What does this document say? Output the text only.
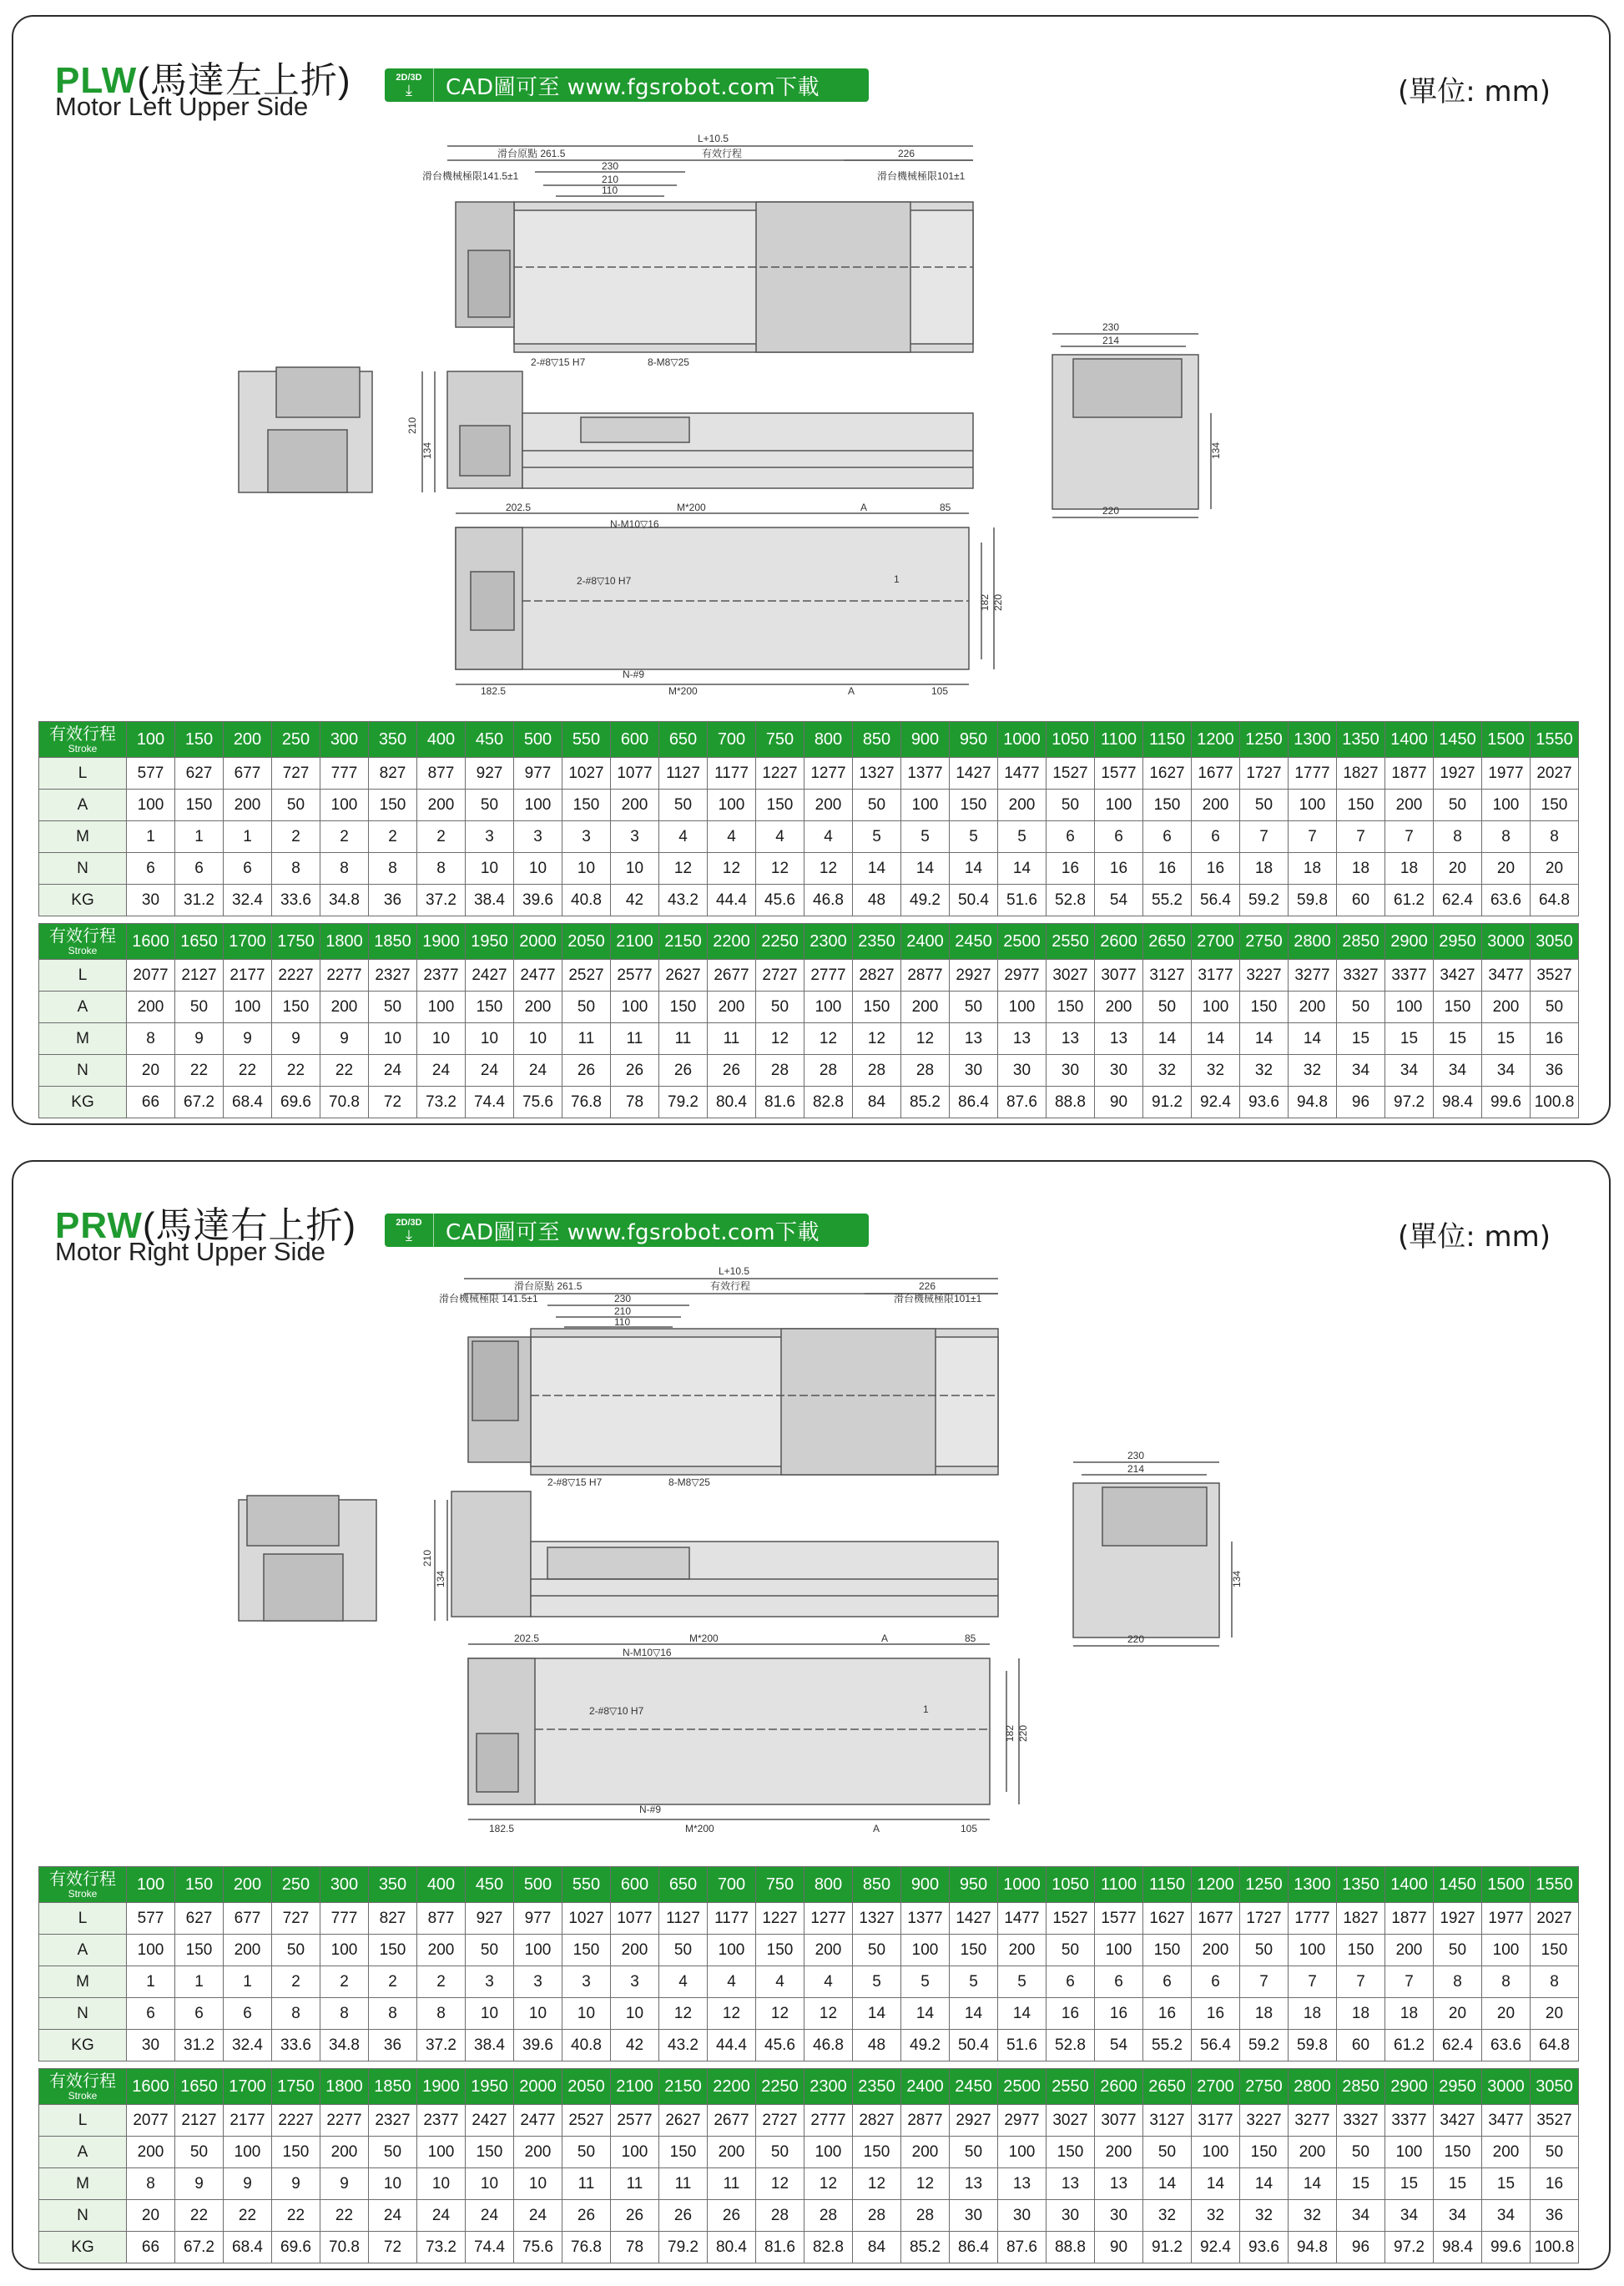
PLW(馬達左上折)
Motor Left Upper Side
2D/3D
⤓	CAD圖可至 www.fgsrobot.com下載	(單位: mm)
L+10.5
滑台原點 261.5	有效行程
滑台機械極限141.5±1	滑台機械極限101±1
230
210
110
226
2-#8▽15 H7	8-M8▽25
210
134
230
214
134
220
202.5	M*200	A	85
N-M10▽16
2-#8▽10 H7	1
182 220
N-#9
182.5	M*200	A	105
有效行程
Stroke	100	150	200	250	300	350	400	450	500	550	600	650	700	750	800	850	900	950	1000	1050	1100	1150	1200	1250	1300	1350	1400	1450	1500	1550
L	577	627	677	727	777	827	877	927	977	1027	1077	1127	1177	1227	1277	1327	1377	1427	1477	1527	1577	1627	1677	1727	1777	1827	1877	1927	1977	2027
A	100	150	200	50	100	150	200	50	100	150	200	50	100	150	200	50	100	150	200	50	100	150	200	50	100	150	200	50	100	150
M	1	1	1	2	2	2	2	3	3	3	3	4	4	4	4	5	5	5	5	6	6	6	6	7	7	7	7	8	8	8
N	6	6	6	8	8	8	8	10	10	10	10	12	12	12	12	14	14	14	14	16	16	16	16	18	18	18	18	20	20	20
KG	30	31.2	32.4	33.6	34.8	36	37.2	38.4	39.6	40.8	42	43.2	44.4	45.6	46.8	48	49.2	50.4	51.6	52.8	54	55.2	56.4	59.2	59.8	60	61.2	62.4	63.6	64.8
有效行程
Stroke	1600	1650	1700	1750	1800	1850	1900	1950	2000	2050	2100	2150	2200	2250	2300	2350	2400	2450	2500	2550	2600	2650	2700	2750	2800	2850	2900	2950	3000	3050
L	2077	2127	2177	2227	2277	2327	2377	2427	2477	2527	2577	2627	2677	2727	2777	2827	2877	2927	2977	3027	3077	3127	3177	3227	3277	3327	3377	3427	3477	3527
A	200	50	100	150	200	50	100	150	200	50	100	150	200	50	100	150	200	50	100	150	200	50	100	150	200	50	100	150	200	50
M	8	9	9	9	9	10	10	10	10	11	11	11	11	12	12	12	12	13	13	13	13	14	14	14	14	15	15	15	15	16
N	20	22	22	22	22	24	24	24	24	26	26	26	26	28	28	28	28	30	30	30	30	32	32	32	32	34	34	34	34	36
KG	66	67.2	68.4	69.6	70.8	72	73.2	74.4	75.6	76.8	78	79.2	80.4	81.6	82.8	84	85.2	86.4	87.6	88.8	90	91.2	92.4	93.6	94.8	96	97.2	98.4	99.6	100.8
PRW(馬達右上折)
Motor Right Upper Side
2D/3D
⤓	CAD圖可至 www.fgsrobot.com下載	(單位: mm)
L+10.5
滑台原點 261.5	有效行程
滑台機械極限 141.5±1	滑台機械極限101±1
230
210
110
226
2-#8▽15 H7	8-M8▽25
210
134
230
214
134
220
202.5	M*200	A	85
N-M10▽16
2-#8▽10 H7	1
182 220
N-#9
182.5	M*200	A	105
有效行程
Stroke	100	150	200	250	300	350	400	450	500	550	600	650	700	750	800	850	900	950	1000	1050	1100	1150	1200	1250	1300	1350	1400	1450	1500	1550
L	577	627	677	727	777	827	877	927	977	1027	1077	1127	1177	1227	1277	1327	1377	1427	1477	1527	1577	1627	1677	1727	1777	1827	1877	1927	1977	2027
A	100	150	200	50	100	150	200	50	100	150	200	50	100	150	200	50	100	150	200	50	100	150	200	50	100	150	200	50	100	150
M	1	1	1	2	2	2	2	3	3	3	3	4	4	4	4	5	5	5	5	6	6	6	6	7	7	7	7	8	8	8
N	6	6	6	8	8	8	8	10	10	10	10	12	12	12	12	14	14	14	14	16	16	16	16	18	18	18	18	20	20	20
KG	30	31.2	32.4	33.6	34.8	36	37.2	38.4	39.6	40.8	42	43.2	44.4	45.6	46.8	48	49.2	50.4	51.6	52.8	54	55.2	56.4	59.2	59.8	60	61.2	62.4	63.6	64.8
有效行程
Stroke	1600	1650	1700	1750	1800	1850	1900	1950	2000	2050	2100	2150	2200	2250	2300	2350	2400	2450	2500	2550	2600	2650	2700	2750	2800	2850	2900	2950	3000	3050
L	2077	2127	2177	2227	2277	2327	2377	2427	2477	2527	2577	2627	2677	2727	2777	2827	2877	2927	2977	3027	3077	3127	3177	3227	3277	3327	3377	3427	3477	3527
A	200	50	100	150	200	50	100	150	200	50	100	150	200	50	100	150	200	50	100	150	200	50	100	150	200	50	100	150	200	50
M	8	9	9	9	9	10	10	10	10	11	11	11	11	12	12	12	12	13	13	13	13	14	14	14	14	15	15	15	15	16
N	20	22	22	22	22	24	24	24	24	26	26	26	26	28	28	28	28	30	30	30	30	32	32	32	32	34	34	34	34	36
KG	66	67.2	68.4	69.6	70.8	72	73.2	74.4	75.6	76.8	78	79.2	80.4	81.6	82.8	84	85.2	86.4	87.6	88.8	90	91.2	92.4	93.6	94.8	96	97.2	98.4	99.6	100.8
